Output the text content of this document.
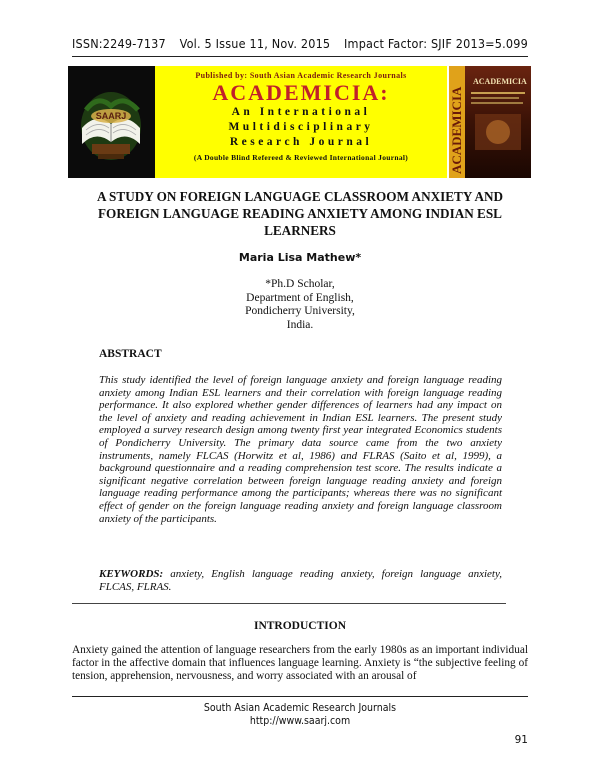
ISSN:2249-7137 Vol. 5 Issue 11, Nov. 2015 Impact Factor: SJIF 2013=5.099
SAARJ
Published by: South Asian Academic Research Journals
ACADEMICIA:
An International
Multidisciplinary
Research Journal
(A Double Blind Refereed & Reviewed International Journal)	ACADEMICIA
ACADEMICIA
A STUDY ON FOREIGN LANGUAGE CLASSROOM ANXIETY AND FOREIGN LANGUAGE READING ANXIETY AMONG INDIAN ESL LEARNERS
Maria Lisa Mathew*
*Ph.D Scholar,
Department of English,
Pondicherry University,
India.
ABSTRACT
This study identified the level of foreign language anxiety and foreign language reading anxiety among Indian ESL learners and their correlation with foreign language reading performance. It also explored whether gender differences of learners had any impact on the level of anxiety and reading achievement in Indian ESL learners. The present study employed a survey research design among twenty first year integrated Economics students of Pondicherry University. The primary data source came from the two anxiety instruments, namely FLCAS (Horwitz et al, 1986) and FLRAS (Saito et al, 1999), a background questionnaire and a reading comprehension test score. The results indicate a significant negative correlation between foreign language reading anxiety and foreign language reading performance among the participants; whereas there was no significant effect of gender on the foreign language reading anxiety and foreign language classroom anxiety of the participants.
KEYWORDS: anxiety, English language reading anxiety, foreign language anxiety, FLCAS, FLRAS.
INTRODUCTION
Anxiety gained the attention of language researchers from the early 1980s as an important individual factor in the affective domain that influences language learning. Anxiety is “the subjective feeling of tension, apprehension, nervousness, and worry associated with an arousal of
South Asian Academic Research Journals
http://www.saarj.com
91
